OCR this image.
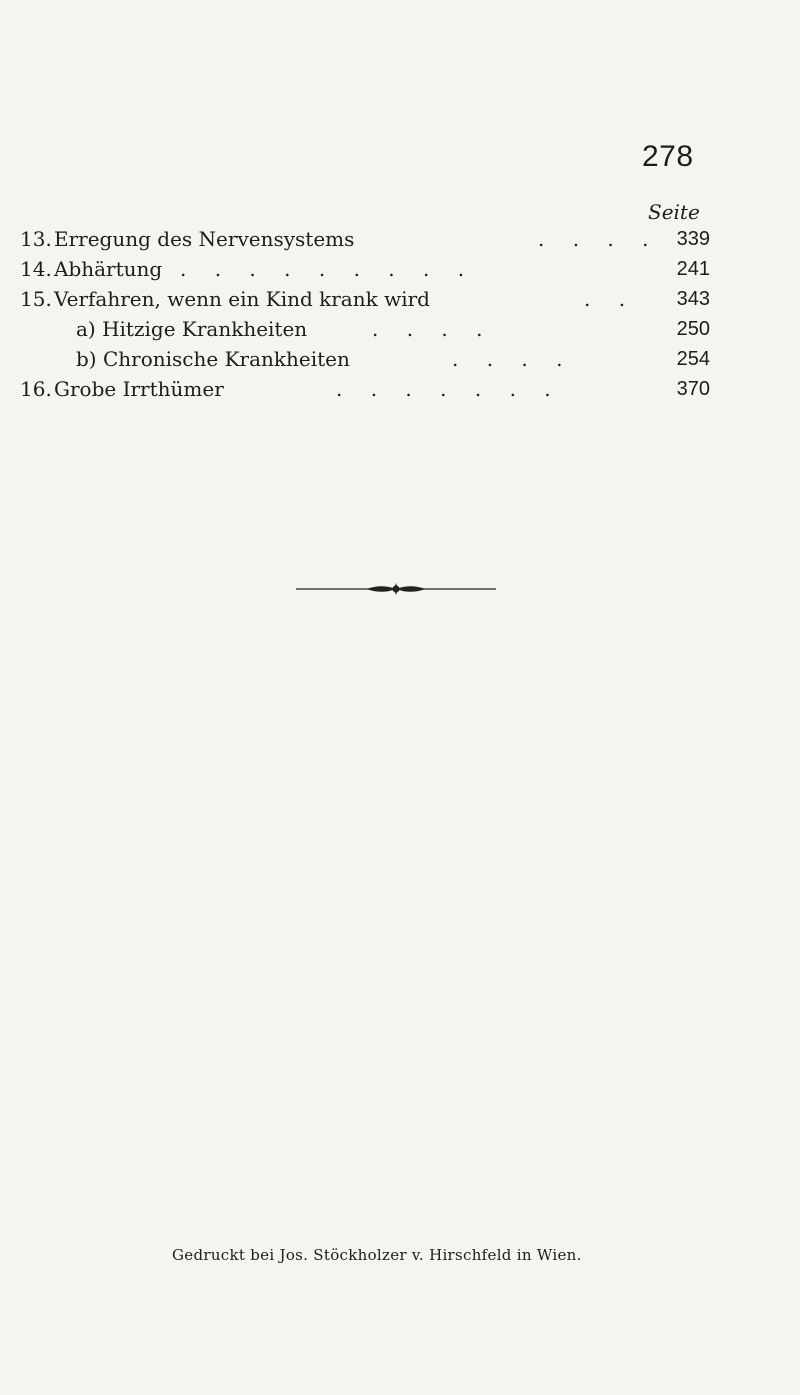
278
Seite
13. Erregung des Nervensystems	. . . . 339
14. Abhärtung . . . . . . . . .	241
15. Verfahren, wenn ein Kind krank wird	. .	343
a) Hitzige Krankheiten	. . . .	250
b) Chronische Krankheiten	. . . .	254
16. Grobe Irrthümer	. . . . . . .	370
Gedruckt bei Jos. Stöckholzer v. Hirschfeld in Wien.
